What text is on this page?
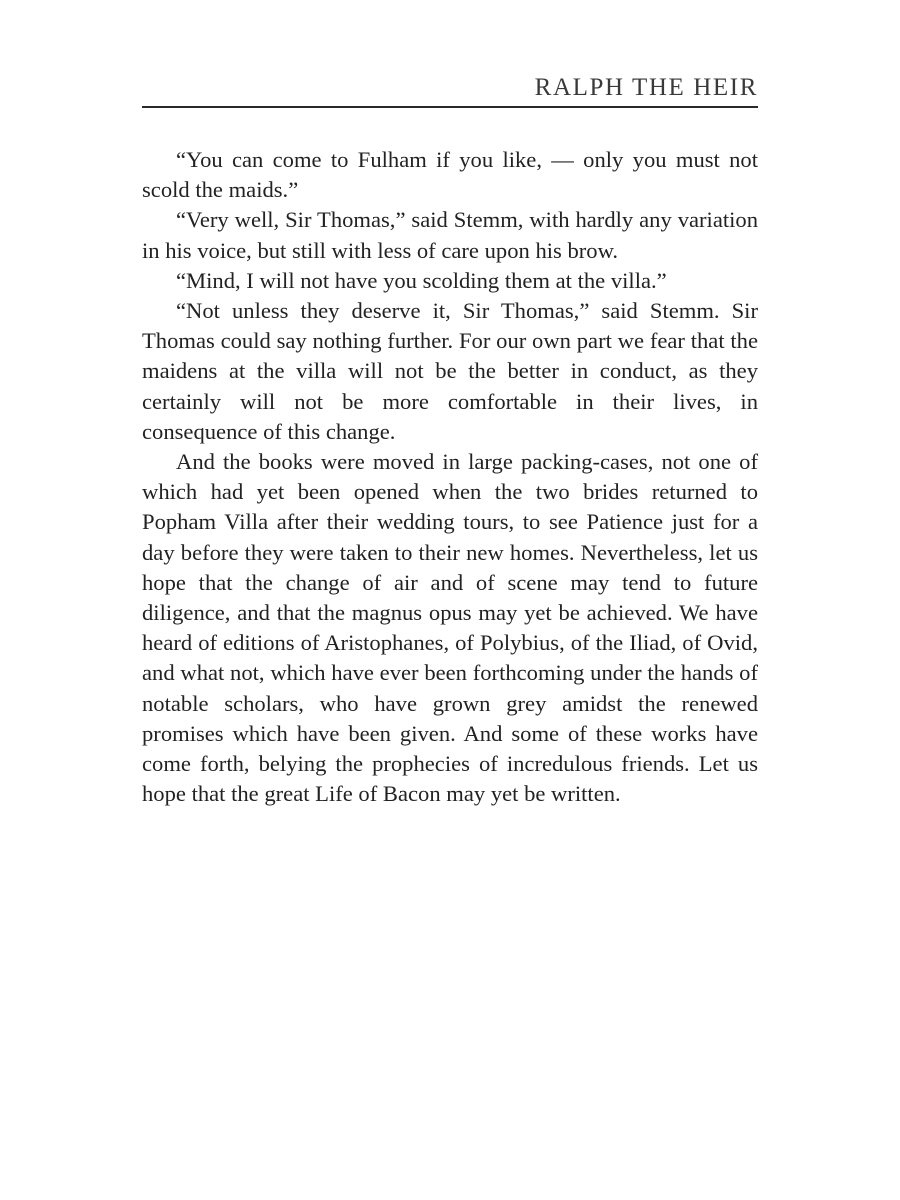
RALPH THE HEIR

“You can come to Fulham if you like, — only you must not scold the maids.”

“Very well, Sir Thomas,” said Stemm, with hardly any variation in his voice, but still with less of care upon his brow.

“Mind, I will not have you scolding them at the villa.”

“Not unless they deserve it, Sir Thomas,” said Stemm. Sir Thomas could say nothing further. For our own part we fear that the maidens at the villa will not be the better in conduct, as they certainly will not be more comfortable in their lives, in consequence of this change.

And the books were moved in large packing-cases, not one of which had yet been opened when the two brides returned to Popham Villa after their wedding tours, to see Patience just for a day before they were taken to their new homes. Nevertheless, let us hope that the change of air and of scene may tend to future diligence, and that the magnus opus may yet be achieved. We have heard of editions of Aristophanes, of Polybius, of the Iliad, of Ovid, and what not, which have ever been forthcoming under the hands of notable scholars, who have grown grey amidst the renewed promises which have been given. And some of these works have come forth, belying the prophecies of incredulous friends. Let us hope that the great Life of Bacon may yet be written.
